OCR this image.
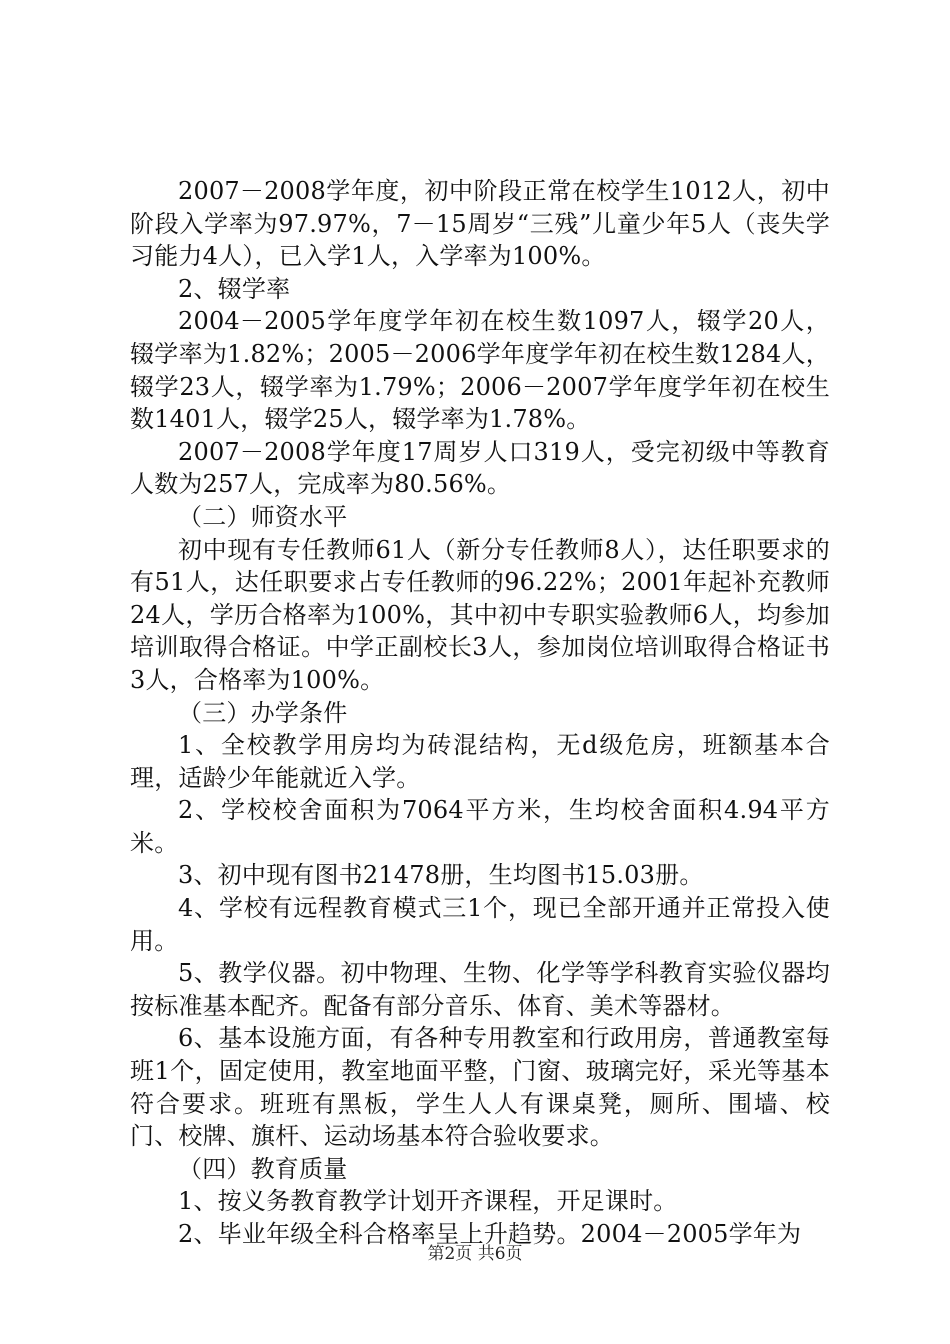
2007－2008学年度，初中阶段正常在校学生1012人，初中阶段入学率为97.97%，7－15周岁“三残”儿童少年5人（丧失学习能力4人），已入学1人，入学率为100%。

2、辍学率

2004－2005学年度学年初在校生数1097人，辍学20人，辍学率为1.82%；2005－2006学年度学年初在校生数1284人，辍学23人，辍学率为1.79%；2006－2007学年度学年初在校生数1401人，辍学25人，辍学率为1.78%。

2007－2008学年度17周岁人口319人，受完初级中等教育人数为257人，完成率为80.56%。

（二）师资水平

初中现有专任教师61人（新分专任教师8人），达任职要求的有51人，达任职要求占专任教师的96.22%；2001年起补充教师24人，学历合格率为100%，其中初中专职实验教师6人，均参加培训取得合格证。中学正副校长3人，参加岗位培训取得合格证书3人，合格率为100%。

（三）办学条件

1、全校教学用房均为砖混结构，无d级危房，班额基本合理，适龄少年能就近入学。

2、学校校舍面积为7064平方米，生均校舍面积4.94平方米。

3、初中现有图书21478册，生均图书15.03册。

4、学校有远程教育模式三1个，现已全部开通并正常投入使用。

5、教学仪器。初中物理、生物、化学等学科教育实验仪器均按标准基本配齐。配备有部分音乐、体育、美术等器材。

6、基本设施方面，有各种专用教室和行政用房，普通教室每班1个，固定使用，教室地面平整，门窗、玻璃完好，采光等基本符合要求。班班有黑板，学生人人有课桌凳，厕所、围墙、校门、校牌、旗杆、运动场基本符合验收要求。

（四）教育质量

1、按义务教育教学计划开齐课程，开足课时。

2、毕业年级全科合格率呈上升趋势。2004－2005学年为

第2页 共6页
